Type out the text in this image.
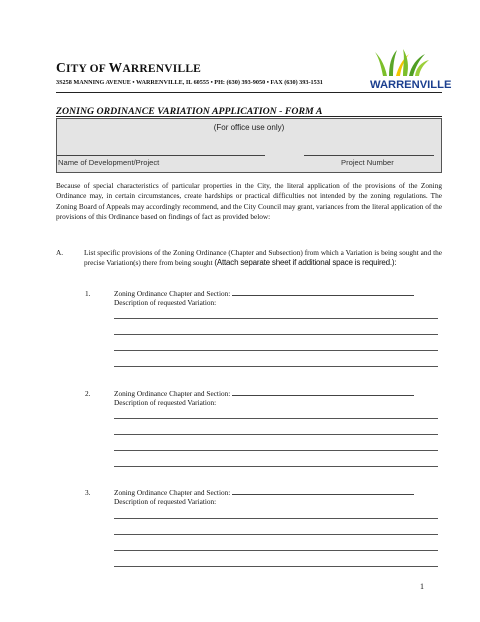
CITY OF WARRENVILLE
3S258 MANNING AVENUE • WARRENVILLE, IL 60555 • PH: (630) 393-9050 • FAX (630) 393-1531	WARRENVILLE
ZONING ORDINANCE VARIATION APPLICATION - FORM A
(For office use only)
Name of Development/Project	Project Number
Because of special characteristics of particular properties in the City, the literal application of the provisions of the Zoning Ordinance may, in certain circumstances, create hardships or practical difficulties not intended by the zoning regulations. The Zoning Board of Appeals may accordingly recommend, and the City Council may grant, variances from the literal application of the provisions of this Ordinance based on findings of fact as provided below:
A.	List specific provisions of the Zoning Ordinance (Chapter and Subsection) from which a Variation is being sought and the precise Variation(s) there from being sought (Attach separate sheet if additional space is required.):
1.	Zoning Ordinance Chapter and Section:
Description of requested Variation:
2.	Zoning Ordinance Chapter and Section:
Description of requested Variation:
3.	Zoning Ordinance Chapter and Section:
Description of requested Variation:
1
